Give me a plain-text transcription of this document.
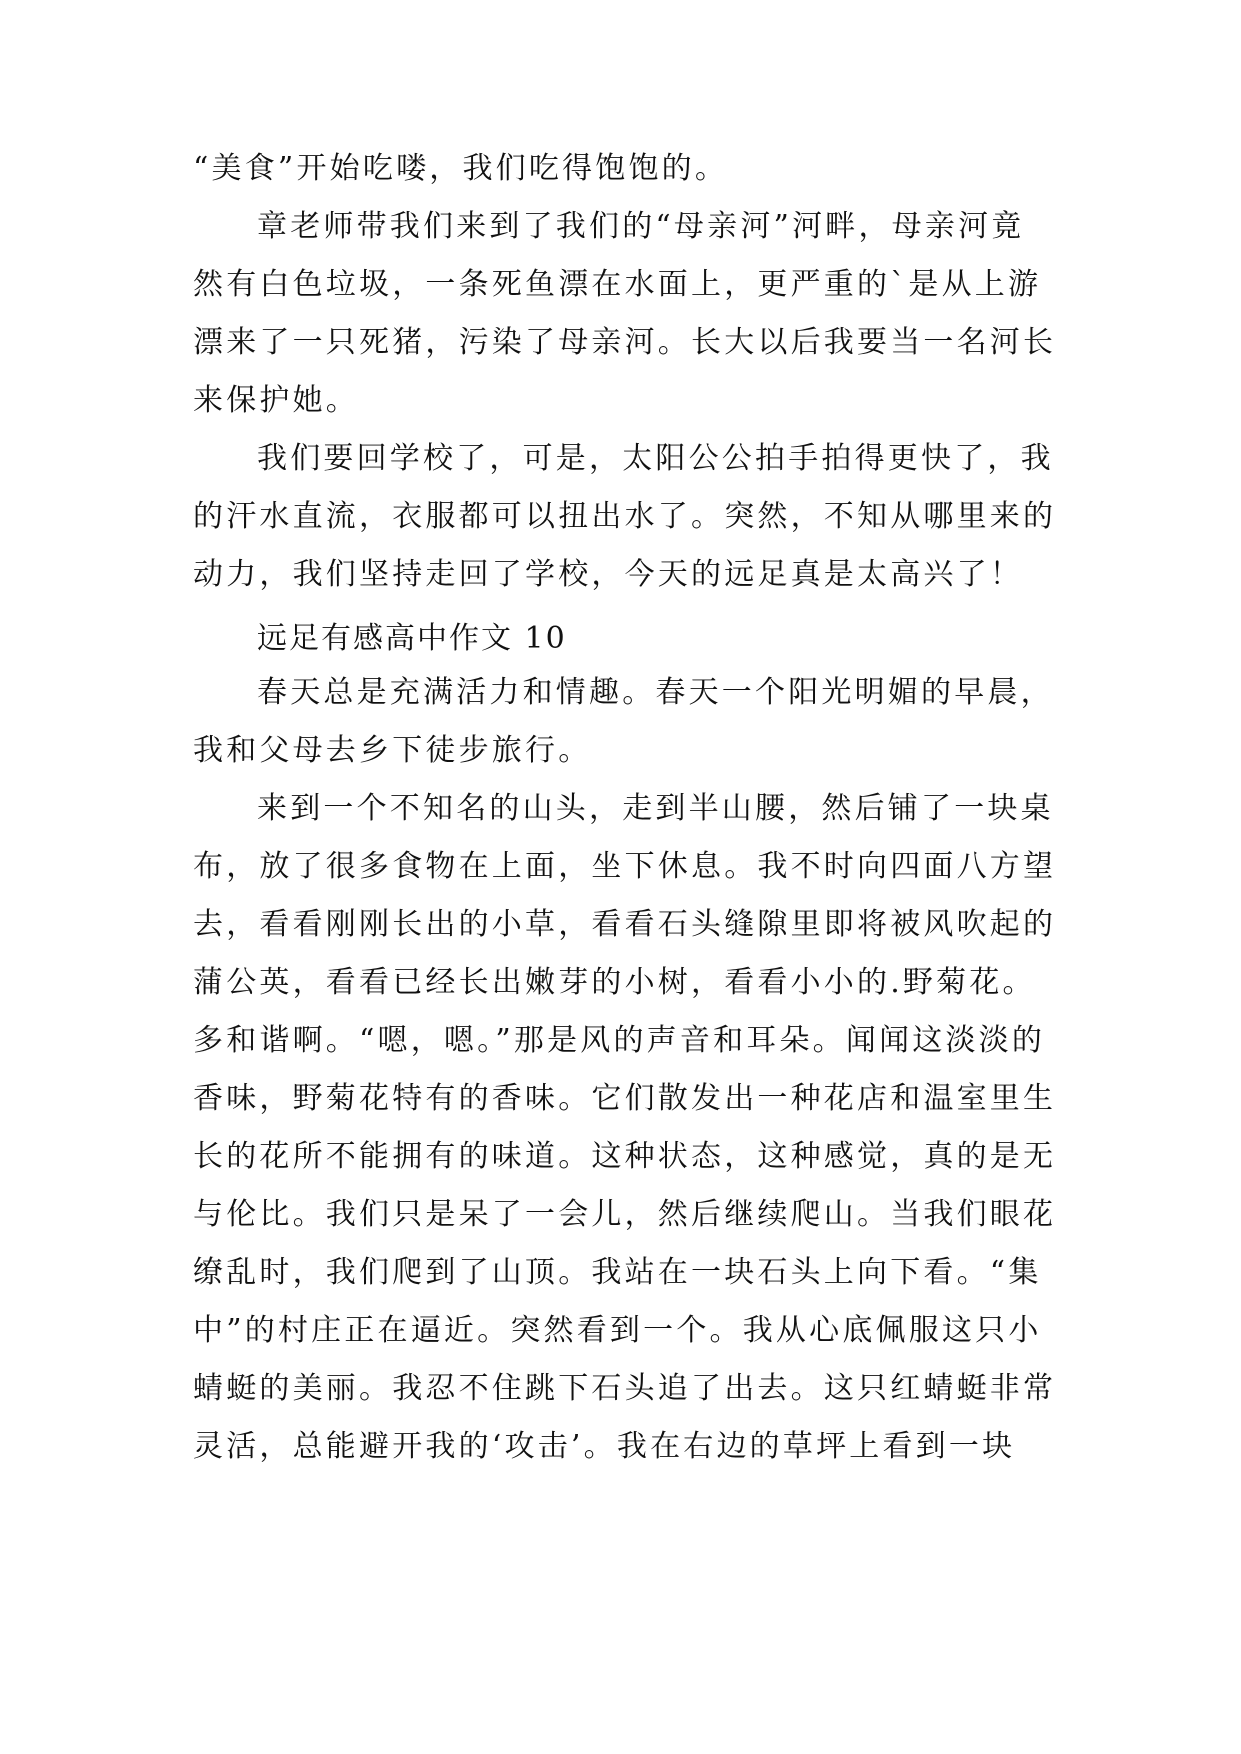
“美食”开始吃喽，我们吃得饱饱的。
章老师带我们来到了我们的“母亲河”河畔，母亲河竟
然有白色垃圾，一条死鱼漂在水面上，更严重的`是从上游
漂来了一只死猪，污染了母亲河。长大以后我要当一名河长
来保护她。
我们要回学校了，可是，太阳公公拍手拍得更快了，我
的汗水直流，衣服都可以扭出水了。突然，不知从哪里来的
动力，我们坚持走回了学校，今天的远足真是太高兴了！
远足有感高中作文 10
春天总是充满活力和情趣。春天一个阳光明媚的早晨，
我和父母去乡下徒步旅行。
来到一个不知名的山头，走到半山腰，然后铺了一块桌
布，放了很多食物在上面，坐下休息。我不时向四面八方望
去，看看刚刚长出的小草，看看石头缝隙里即将被风吹起的
蒲公英，看看已经长出嫩芽的小树，看看小小的.野菊花。
多和谐啊。“嗯，嗯。”那是风的声音和耳朵。闻闻这淡淡的
香味，野菊花特有的香味。它们散发出一种花店和温室里生
长的花所不能拥有的味道。这种状态，这种感觉，真的是无
与伦比。我们只是呆了一会儿，然后继续爬山。当我们眼花
缭乱时，我们爬到了山顶。我站在一块石头上向下看。“集
中”的村庄正在逼近。突然看到一个。我从心底佩服这只小
蜻蜓的美丽。我忍不住跳下石头追了出去。这只红蜻蜓非常
灵活，总能避开我的‘攻击’。我在右边的草坪上看到一块
